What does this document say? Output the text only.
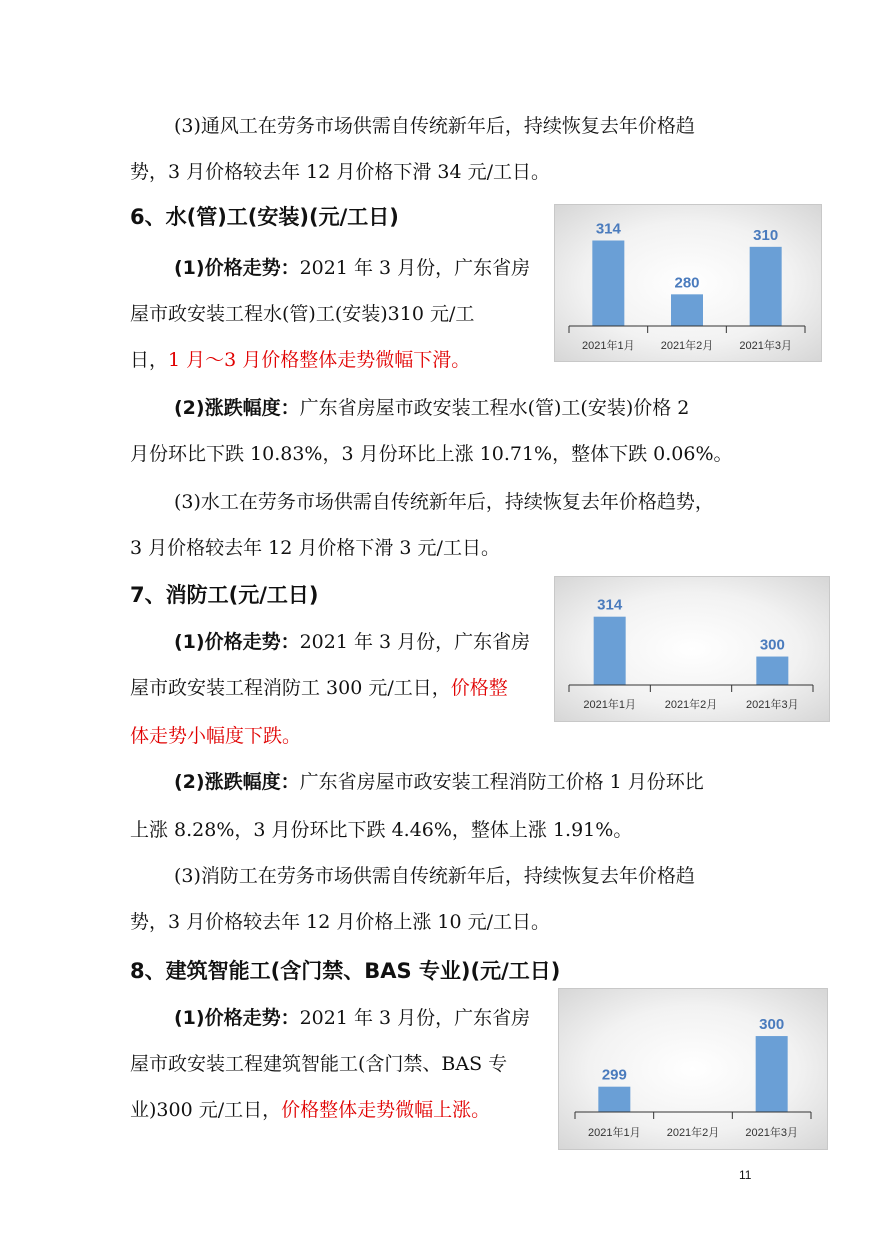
(3)通风工在劳务市场供需自传统新年后，持续恢复去年价格趋
势，3 月价格较去年 12 月价格下滑 34 元/工日。
6、水(管)工(安装)(元/工日)
(1)价格走势：2021 年 3 月份，广东省房
屋市政安装工程水(管)工(安装)310 元/工
日，1 月～3 月价格整体走势微幅下滑。
(2)涨跌幅度：广东省房屋市政安装工程水(管)工(安装)价格 2
月份环比下跌 10.83%，3 月份环比上涨 10.71%，整体下跌 0.06%。
(3)水工在劳务市场供需自传统新年后，持续恢复去年价格趋势，
3 月价格较去年 12 月价格下滑 3 元/工日。
314
2021年1月
280
2021年2月
310
2021年3月
7、消防工(元/工日)
(1)价格走势：2021 年 3 月份，广东省房
屋市政安装工程消防工 300 元/工日，价格整
体走势小幅度下跌。
(2)涨跌幅度：广东省房屋市政安装工程消防工价格 1 月份环比
上涨 8.28%，3 月份环比下跌 4.46%，整体上涨 1.91%。
(3)消防工在劳务市场供需自传统新年后，持续恢复去年价格趋
势，3 月价格较去年 12 月价格上涨 10 元/工日。
314
2021年1月	2021年2月
300
2021年3月
8、建筑智能工(含门禁、BAS 专业)(元/工日)
(1)价格走势：2021 年 3 月份，广东省房
屋市政安装工程建筑智能工(含门禁、BAS 专
业)300 元/工日，价格整体走势微幅上涨。
299
2021年1月 2021年2月
300
2021年3月
11
